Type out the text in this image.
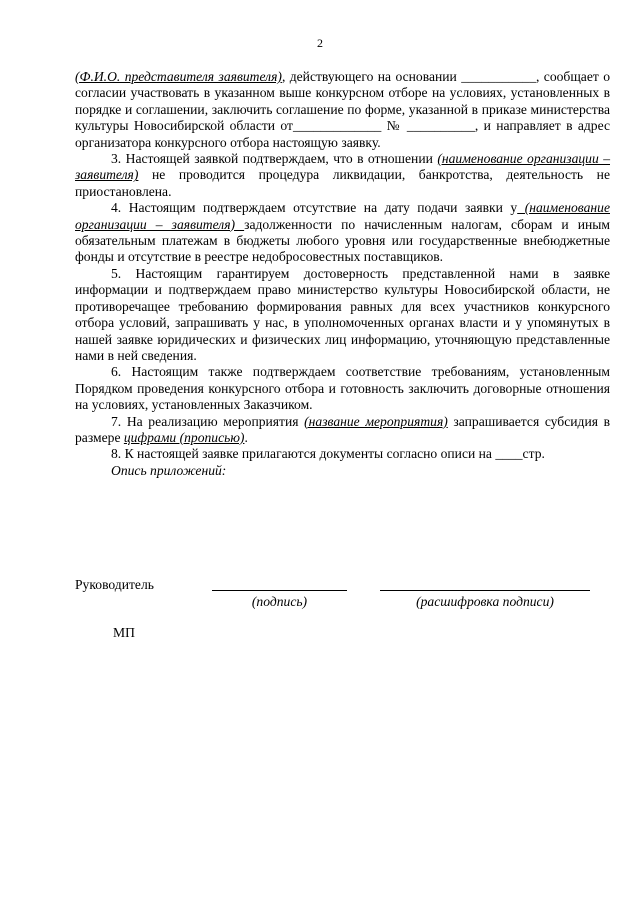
2

(Ф.И.О. представителя заявителя), действующего на основании ___________, сообщает о согласии участвовать в указанном выше конкурсном отборе на условиях, установленных в порядке и соглашении, заключить соглашение по форме, указанной в приказе министерства культуры Новосибирской области от_____________ № __________, и направляет в адрес организатора конкурсного отбора настоящую заявку.

3. Настоящей заявкой подтверждаем, что в отношении (наименование организации – заявителя) не проводится процедура ликвидации, банкротства, деятельность не приостановлена.

4. Настоящим подтверждаем отсутствие на дату подачи заявки у (наименование организации – заявителя) задолженности по начисленным налогам, сборам и иным обязательным платежам в бюджеты любого уровня или государственные внебюджетные фонды и отсутствие в реестре недобросовестных поставщиков.

5. Настоящим гарантируем достоверность представленной нами в заявке информации и подтверждаем право министерство культуры Новосибирской области, не противоречащее требованию формирования равных для всех участников конкурсного отбора условий, запрашивать у нас, в уполномоченных органах власти и у упомянутых в нашей заявке юридических и физических лиц информацию, уточняющую представленные нами в ней сведения.

6. Настоящим также подтверждаем соответствие требованиям, установленным Порядком проведения конкурсного отбора и готовность заключить договорные отношения на условиях, установленных Заказчиком.

7. На реализацию мероприятия (название мероприятия) запрашивается субсидия в размере цифрами (прописью).

8. К настоящей заявке прилагаются документы согласно описи на ____стр.

Опись приложений:

Руководитель
(подпись)	(расшифровка подписи)
МП
